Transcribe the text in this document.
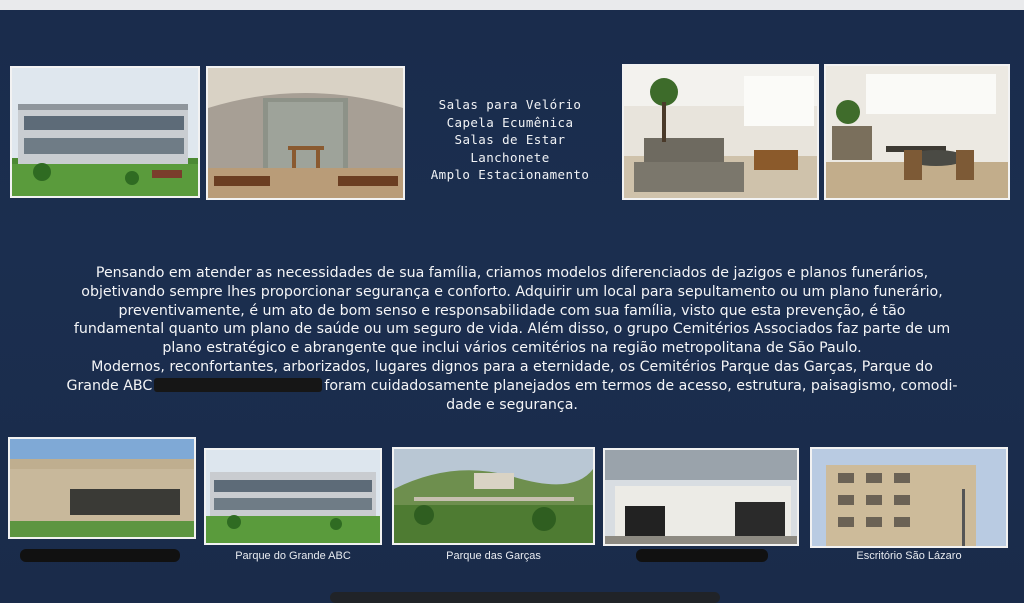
Salas para Velório
Capela Ecumênica
Salas de Estar
Lanchonete
Amplo Estacionamento

Pensando em atender as necessidades de sua família, criamos modelos diferenciados de jazigos e planos funerários,

objetivando sempre lhes proporcionar segurança e conforto. Adquirir um local para sepultamento ou um plano funerário,

preventivamente, é um ato de bom senso e responsabilidade com sua família, visto que esta prevenção, é tão

fundamental quanto um plano de saúde ou um seguro de vida. Além disso, o grupo Cemitérios Associados faz parte de um

plano estratégico e abrangente que inclui vários cemitérios na região metropolitana de São Paulo.

Modernos, reconfortantes, arborizados, lugares dignos para a eternidade, os Cemitérios Parque das Garças, Parque do

Grande ABC	foram cuidadosamente planejados em termos de acesso, estrutura, paisagismo, comodi-

dade e segurança.

Parque do Grande ABC	Parque das Garças	Escritório São Lázaro
